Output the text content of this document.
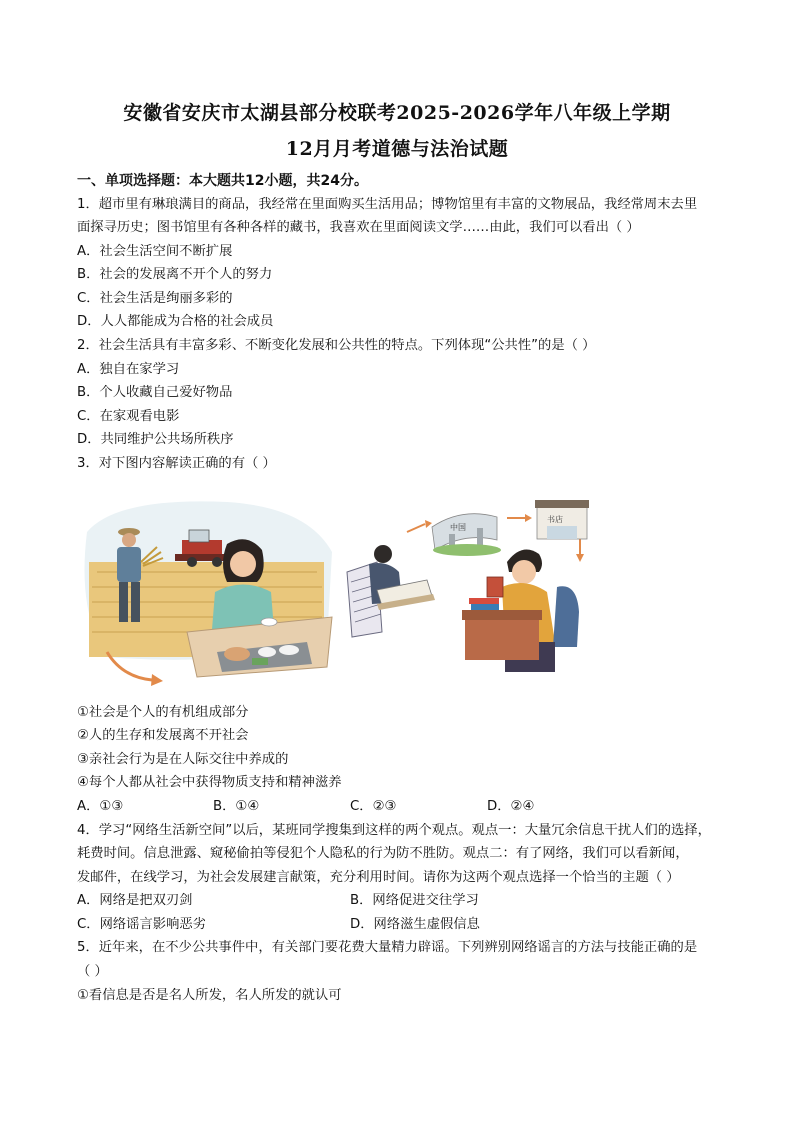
安徽省安庆市太湖县部分校联考2025-2026学年八年级上学期
12月月考道德与法治试题
一、单项选择题：本大题共12小题，共24分。
1．超市里有琳琅满目的商品，我经常在里面购买生活用品；博物馆里有丰富的文物展品，我经常周末去里
面探寻历史；图书馆里有各种各样的藏书，我喜欢在里面阅读文学……由此，我们可以看出（ ）
A．社会生活空间不断扩展
B．社会的发展离不开个人的努力
C．社会生活是绚丽多彩的
D．人人都能成为合格的社会成员
2．社会生活具有丰富多彩、不断变化发展和公共性的特点。下列体现“公共性”的是（ ）
A．独自在家学习
B．个人收藏自己爱好物品
C．在家观看电影
D．共同维护公共场所秩序
3．对下图内容解读正确的有（ ）
中国
书店
①社会是个人的有机组成部分
②人的生存和发展离不开社会
③亲社会行为是在人际交往中养成的
④每个人都从社会中获得物质支持和精神滋养
A．①③	B．①④	C．②③	D．②④
4．学习“网络生活新空间”以后，某班同学搜集到这样的两个观点。观点一：大量冗余信息干扰人们的选择，
耗费时间。信息泄露、窥秘偷拍等侵犯个人隐私的行为防不胜防。观点二：有了网络，我们可以看新闻，
发邮件，在线学习，为社会发展建言献策，充分利用时间。请你为这两个观点选择一个恰当的主题（ ）
A．网络是把双刃剑	B．网络促进交往学习
C．网络谣言影响恶劣	D．网络滋生虚假信息
5．近年来，在不少公共事件中，有关部门要花费大量精力辟谣。下列辨别网络谣言的方法与技能正确的是
（ ）
①看信息是否是名人所发，名人所发的就认可
